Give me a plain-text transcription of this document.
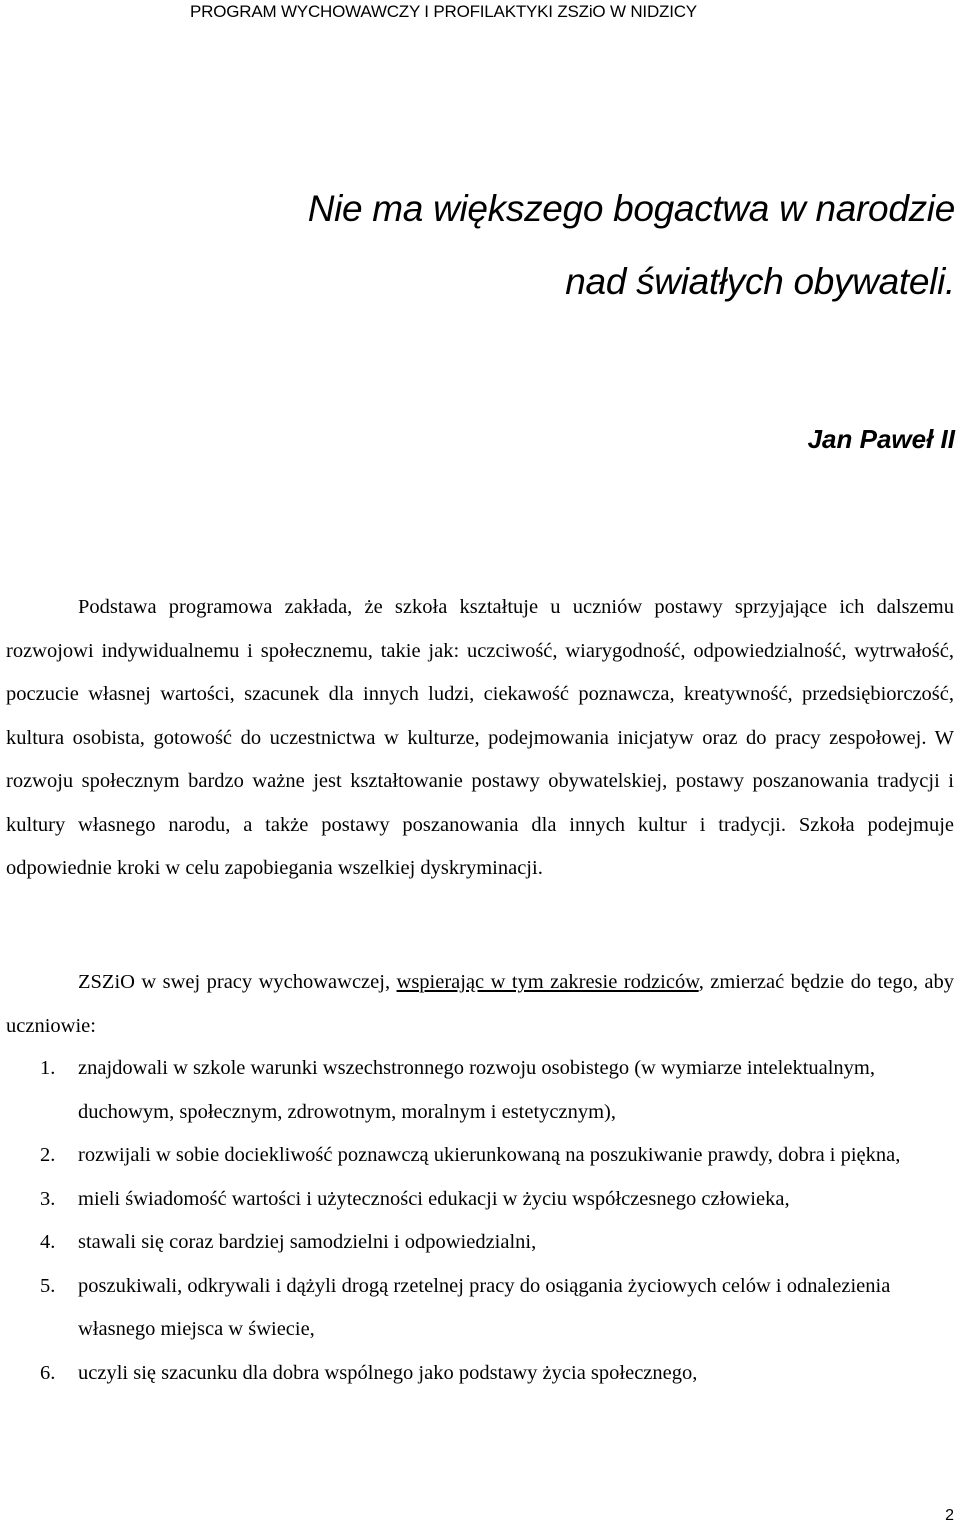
PROGRAM WYCHOWAWCZY I PROFILAKTYKI ZSZiO W NIDZICY
Nie ma większego bogactwa w narodzie
nad światłych obywateli.
Jan Paweł II
Podstawa programowa zakłada, że szkoła kształtuje u uczniów postawy sprzyjające ich dalszemu rozwojowi indywidualnemu i społecznemu, takie jak: uczciwość, wiarygodność, odpowiedzialność, wytrwałość, poczucie własnej wartości, szacunek dla innych ludzi, ciekawość poznawcza, kreatywność, przedsiębiorczość, kultura osobista, gotowość do uczestnictwa w kulturze, podejmowania inicjatyw oraz do pracy zespołowej. W rozwoju społecznym bardzo ważne jest kształtowanie postawy obywatelskiej, postawy poszanowania tradycji i kultury własnego narodu, a także postawy poszanowania dla innych kultur i tradycji. Szkoła podejmuje odpowiednie kroki w celu zapobiegania wszelkiej dyskryminacji.
ZSZiO w swej pracy wychowawczej, wspierając w tym zakresie rodziców, zmierzać będzie do tego, aby uczniowie:
1.	znajdowali w szkole warunki wszechstronnego rozwoju osobistego (w wymiarze intelektualnym, duchowym, społecznym, zdrowotnym, moralnym i estetycznym),
2.	rozwijali w sobie dociekliwość poznawczą ukierunkowaną na poszukiwanie prawdy, dobra i piękna,
3.	mieli świadomość wartości i użyteczności edukacji w życiu współczesnego człowieka,
4.	stawali się coraz bardziej samodzielni i odpowiedzialni,
5.	poszukiwali, odkrywali i dążyli drogą rzetelnej pracy do osiągania życiowych celów i odnalezienia własnego miejsca w świecie,
6.	uczyli się szacunku dla dobra wspólnego jako podstawy życia społecznego,
2
